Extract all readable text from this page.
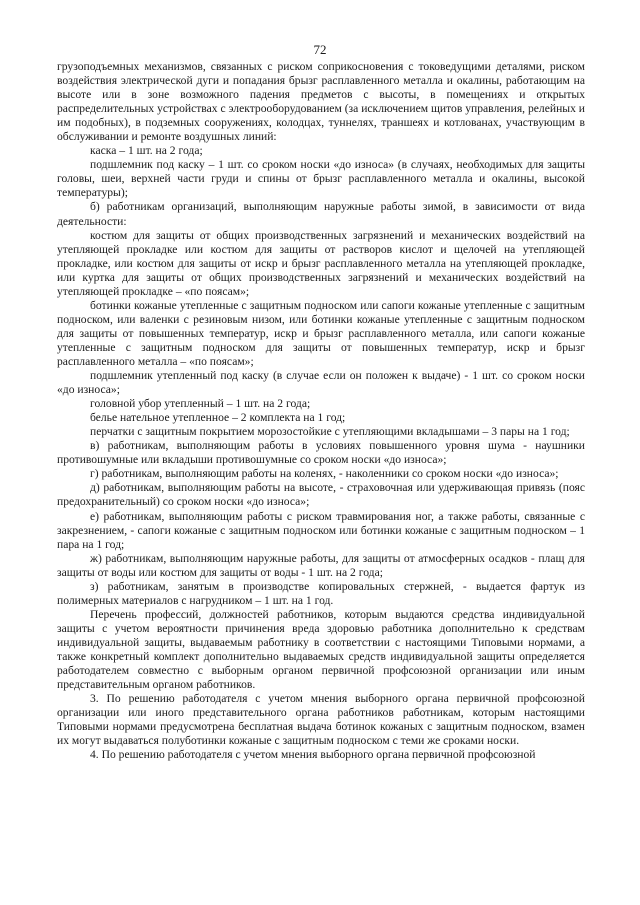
72

грузоподъемных механизмов, связанных с риском соприкосновения с токоведущими деталями, риском воздействия электрической дуги и попадания брызг расплавленного металла и окалины, работающим на высоте или в зоне возможного падения предметов с высоты, в помещениях и открытых распределительных устройствах с электрооборудованием (за исключением щитов управления, релейных и им подобных), в подземных сооружениях, колодцах, туннелях, траншеях и котлованах, участвующим в обслуживании и ремонте воздушных линий:

каска – 1 шт. на 2 года;

подшлемник под каску – 1 шт. со сроком носки «до износа» (в случаях, необходимых для защиты головы, шеи, верхней части груди и спины от брызг расплавленного металла и окалины, высокой температуры);

б) работникам организаций, выполняющим наружные работы зимой, в зависимости от вида деятельности:

костюм для защиты от общих производственных загрязнений и механических воздействий на утепляющей прокладке или костюм для защиты от растворов кислот и щелочей на утепляющей прокладке, или костюм для защиты от искр и брызг расплавленного металла на утепляющей прокладке, или куртка для защиты от общих производственных загрязнений и механических воздействий на утепляющей прокладке – «по поясам»;

ботинки кожаные утепленные с защитным подноском или сапоги кожаные утепленные с защитным подноском, или валенки с резиновым низом, или ботинки кожаные утепленные с защитным подноском для защиты от повышенных температур, искр и брызг расплавленного металла, или сапоги кожаные утепленные с защитным подноском для защиты от повышенных температур, искр и брызг расплавленного металла – «по поясам»;

подшлемник утепленный под каску (в случае если он положен к выдаче) - 1 шт. со сроком носки «до износа»;

головной убор утепленный – 1 шт. на 2 года;

белье нательное утепленное – 2 комплекта на 1 год;

перчатки с защитным покрытием морозостойкие с утепляющими вкладышами – 3 пары на 1 год;

в) работникам, выполняющим работы в условиях повышенного уровня шума - наушники противошумные или вкладыши противошумные со сроком носки «до износа»;

г) работникам, выполняющим работы на коленях, - наколенники со сроком носки «до износа»;

д) работникам, выполняющим работы на высоте, - страховочная или удерживающая привязь (пояс предохранительный) со сроком носки «до износа»;

е) работникам, выполняющим работы с риском травмирования ног, а также работы, связанные с закрезнением, - сапоги кожаные с защитным подноском или ботинки кожаные с защитным подноском – 1 пара на 1 год;

ж) работникам, выполняющим наружные работы, для защиты от атмосферных осадков - плащ для защиты от воды или костюм для защиты от воды - 1 шт. на 2 года;

з) работникам, занятым в производстве копировальных стержней, - выдается фартук из полимерных материалов с нагрудником – 1 шт. на 1 год.

Перечень профессий, должностей работников, которым выдаются средства индивидуальной защиты с учетом вероятности причинения вреда здоровью работника дополнительно к средствам индивидуальной защиты, выдаваемым работнику в соответствии с настоящими Типовыми нормами, а также конкретный комплект дополнительно выдаваемых средств индивидуальной защиты определяется работодателем совместно с выборным органом первичной профсоюзной организации или иным представительным органом работников.

3. По решению работодателя с учетом мнения выборного органа первичной профсоюзной организации или иного представительного органа работников работникам, которым настоящими Типовыми нормами предусмотрена бесплатная выдача ботинок кожаных с защитным подноском, взамен их могут выдаваться полуботинки кожаные с защитным подноском с теми же сроками носки.

4. По решению работодателя с учетом мнения выборного органа первичной профсоюзной
